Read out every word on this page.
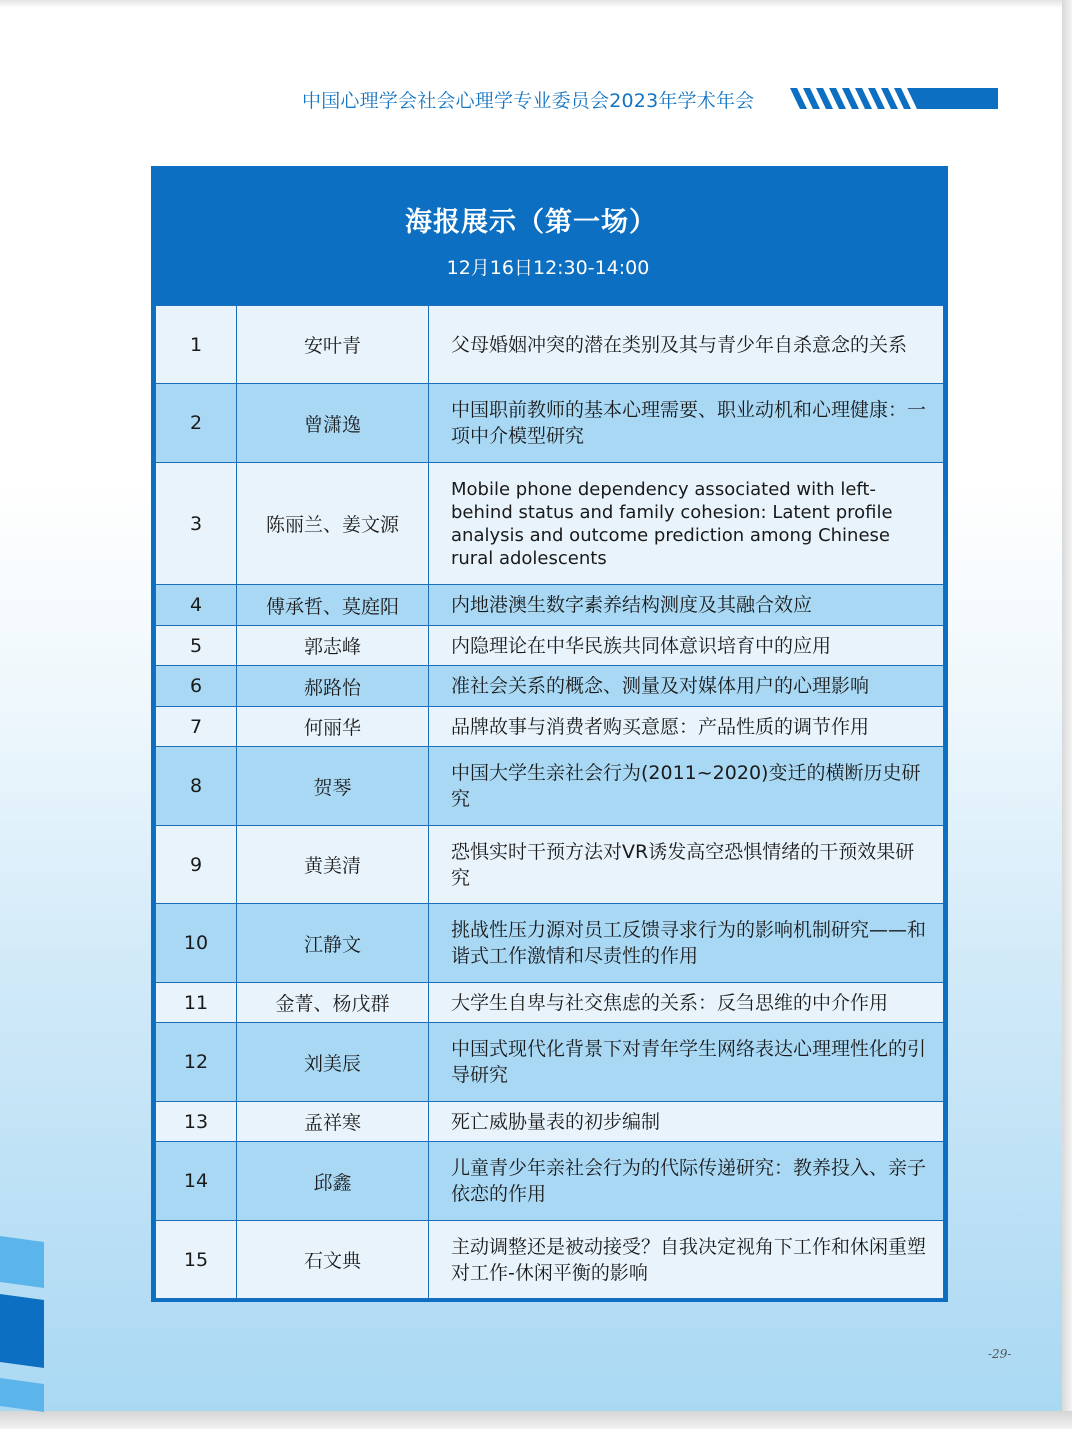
中国心理学会社会心理学专业委员会2023年学术年会
海报展示（第一场）
12月16日12:30-14:00
1	安叶青	父母婚姻冲突的潜在类别及其与青少年自杀意念的关系
2	曾潇逸	中国职前教师的基本心理需要、职业动机和心理健康：一项中介模型研究
3	陈丽兰、姜文源	Mobile phone dependency associated with left-behind status and family cohesion: Latent profile analysis and outcome prediction among Chinese rural adolescents
4	傅承哲、莫庭阳	内地港澳生数字素养结构测度及其融合效应
5	郭志峰	内隐理论在中华民族共同体意识培育中的应用
6	郝路怡	准社会关系的概念、测量及对媒体用户的心理影响
7	何丽华	品牌故事与消费者购买意愿：产品性质的调节作用
8	贺琴	中国大学生亲社会行为(2011~2020)变迁的横断历史研究
9	黄美清	恐惧实时干预方法对VR诱发高空恐惧情绪的干预效果研究
10	江静文	挑战性压力源对员工反馈寻求行为的影响机制研究——和谐式工作激情和尽责性的作用
11	金菁、杨戊群	大学生自卑与社交焦虑的关系：反刍思维的中介作用
12	刘美辰	中国式现代化背景下对青年学生网络表达心理理性化的引导研究
13	孟祥寒	死亡威胁量表的初步编制
14	邱鑫	儿童青少年亲社会行为的代际传递研究：教养投入、亲子依恋的作用
15	石文典	主动调整还是被动接受？自我决定视角下工作和休闲重塑对工作-休闲平衡的影响
-29-
